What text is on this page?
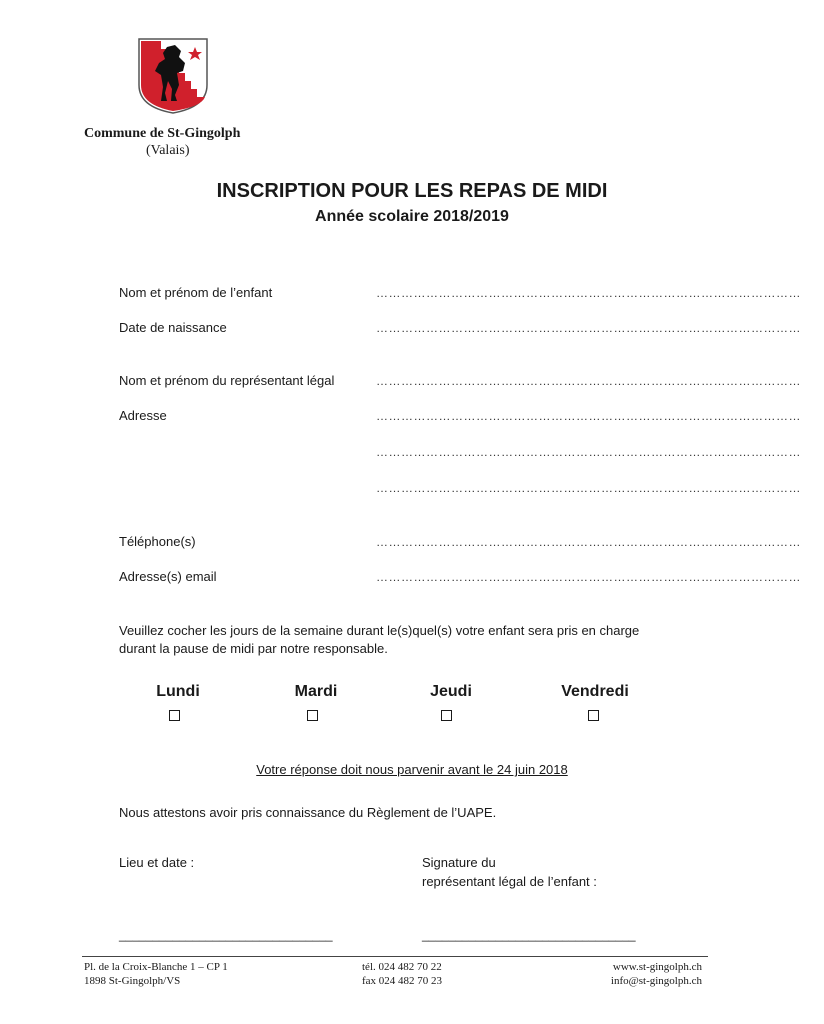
Commune de St-Gingolph
(Valais)
INSCRIPTION POUR LES REPAS DE MIDI
Année scolaire 2018/2019
Nom et prénom de l’enfant	…………………………………………………………………………………………
Date de naissance	…………………………………………………………………………………………
Nom et prénom du représentant légal	…………………………………………………………………………………………
Adresse	…………………………………………………………………………………………
…………………………………………………………………………………………
…………………………………………………………………………………………
Téléphone(s)	…………………………………………………………………………………………
Adresse(s) email	…………………………………………………………………………………………
Veuillez cocher les jours de la semaine durant le(s)quel(s) votre enfant sera pris en charge
durant la pause de midi par notre responsable.
Lundi	Mardi	Jeudi	Vendredi
Votre réponse doit nous parvenir avant le 24 juin 2018
Nous attestons avoir pris connaissance du Règlement de l’UAPE.
Lieu et date :	Signature du
représentant légal de l’enfant :
________________________________	________________________________
Pl. de la Croix-Blanche 1 – CP 1
1898 St-Gingolph/VS
tél. 024 482 70 22
fax 024 482 70 23
www.st-gingolph.ch
info@st-gingolph.ch
